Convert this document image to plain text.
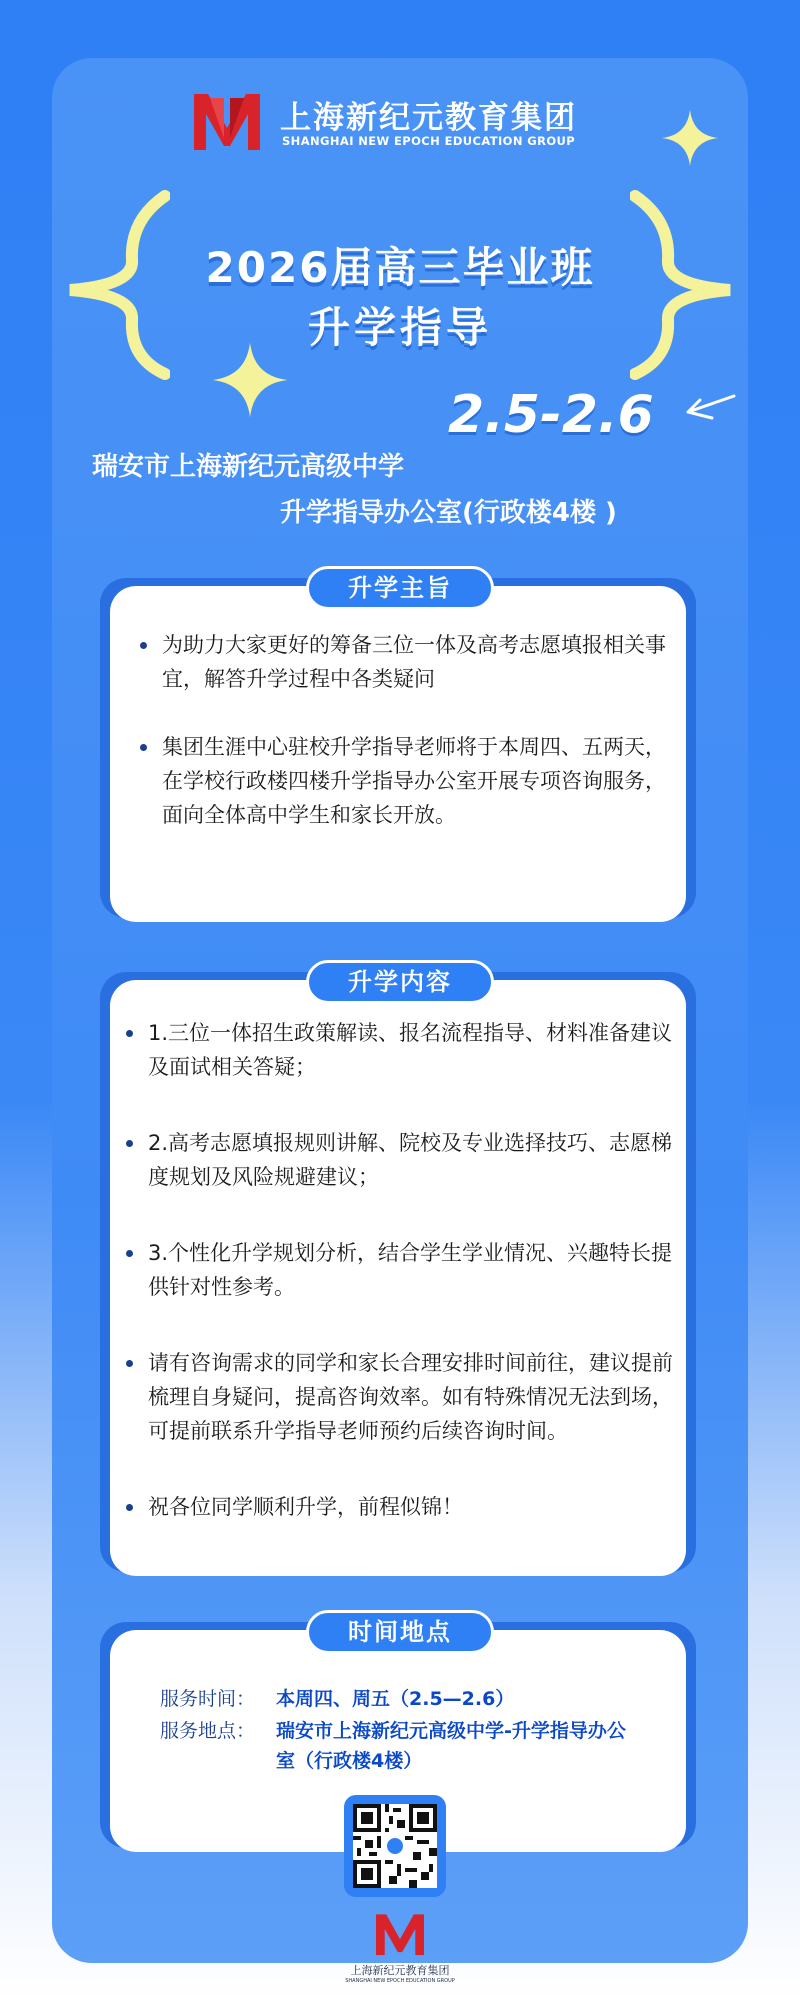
上海新纪元教育集团
SHANGHAI NEW EPOCH EDUCATION GROUP
2026届高三毕业班
升学指导
2.5-2.6
瑞安市上海新纪元高级中学
升学指导办公室(行政楼4楼 )
升学主旨
为助力大家更好的筹备三位一体及高考志愿填报相关事宜，解答升学过程中各类疑问
集团生涯中心驻校升学指导老师将于本周四、五两天，在学校行政楼四楼升学指导办公室开展专项咨询服务，面向全体高中学生和家长开放。
升学内容
1.三位一体招生政策解读、报名流程指导、材料准备建议及面试相关答疑；
2.高考志愿填报规则讲解、院校及专业选择技巧、志愿梯度规划及风险规避建议；
3.个性化升学规划分析，结合学生学业情况、兴趣特长提供针对性参考。
请有咨询需求的同学和家长合理安排时间前往，建议提前梳理自身疑问，提高咨询效率。如有特殊情况无法到场，可提前联系升学指导老师预约后续咨询时间。
祝各位同学顺利升学，前程似锦！
时间地点
服务时间： 本周四、周五（2.5—2.6）
服务地点： 瑞安市上海新纪元高级中学-升学指导办公
室（行政楼4楼）
上海新纪元教育集团
SHANGHAI NEW EPOCH EDUCATION GROUP
